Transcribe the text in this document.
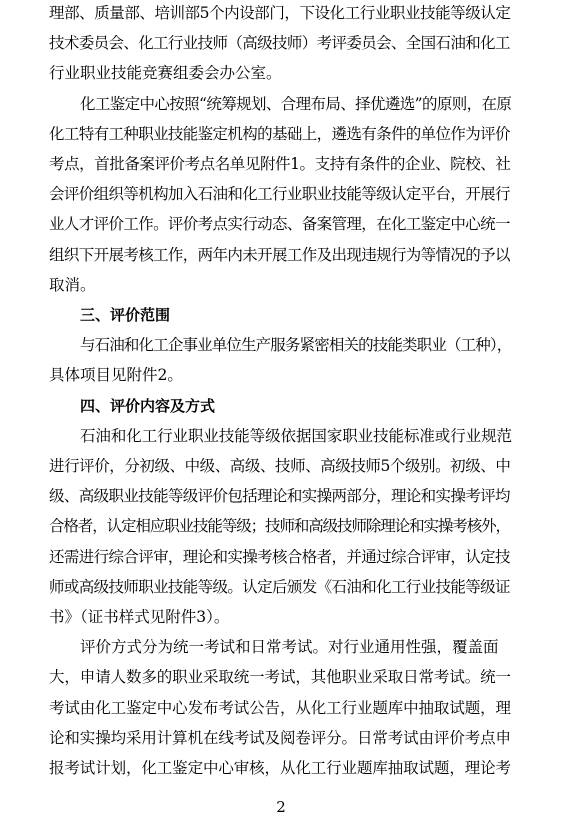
理部、质量部、培训部5个内设部门，下设化工行业职业技能等级认定
技术委员会、化工行业技师（高级技师）考评委员会、全国石油和化工
行业职业技能竞赛组委会办公室。
化工鉴定中心按照“统筹规划、合理布局、择优遴选”的原则，在原
化工特有工种职业技能鉴定机构的基础上，遴选有条件的单位作为评价
考点，首批备案评价考点名单见附件1。支持有条件的企业、院校、社
会评价组织等机构加入石油和化工行业职业技能等级认定平台，开展行
业人才评价工作。评价考点实行动态、备案管理，在化工鉴定中心统一
组织下开展考核工作，两年内未开展工作及出现违规行为等情况的予以
取消。
三、评价范围
与石油和化工企事业单位生产服务紧密相关的技能类职业（工种），
具体项目见附件2。
四、评价内容及方式
石油和化工行业职业技能等级依据国家职业技能标准或行业规范
进行评价，分初级、中级、高级、技师、高级技师5个级别。初级、中
级、高级职业技能等级评价包括理论和实操两部分，理论和实操考评均
合格者，认定相应职业技能等级；技师和高级技师除理论和实操考核外，
还需进行综合评审，理论和实操考核合格者，并通过综合评审，认定技
师或高级技师职业技能等级。认定后颁发《石油和化工行业技能等级证
书》（证书样式见附件3）。
评价方式分为统一考试和日常考试。对行业通用性强，覆盖面
大，申请人数多的职业采取统一考试，其他职业采取日常考试。统一
考试由化工鉴定中心发布考试公告，从化工行业题库中抽取试题，理
论和实操均采用计算机在线考试及阅卷评分。日常考试由评价考点申
报考试计划，化工鉴定中心审核，从化工行业题库抽取试题，理论考
2
